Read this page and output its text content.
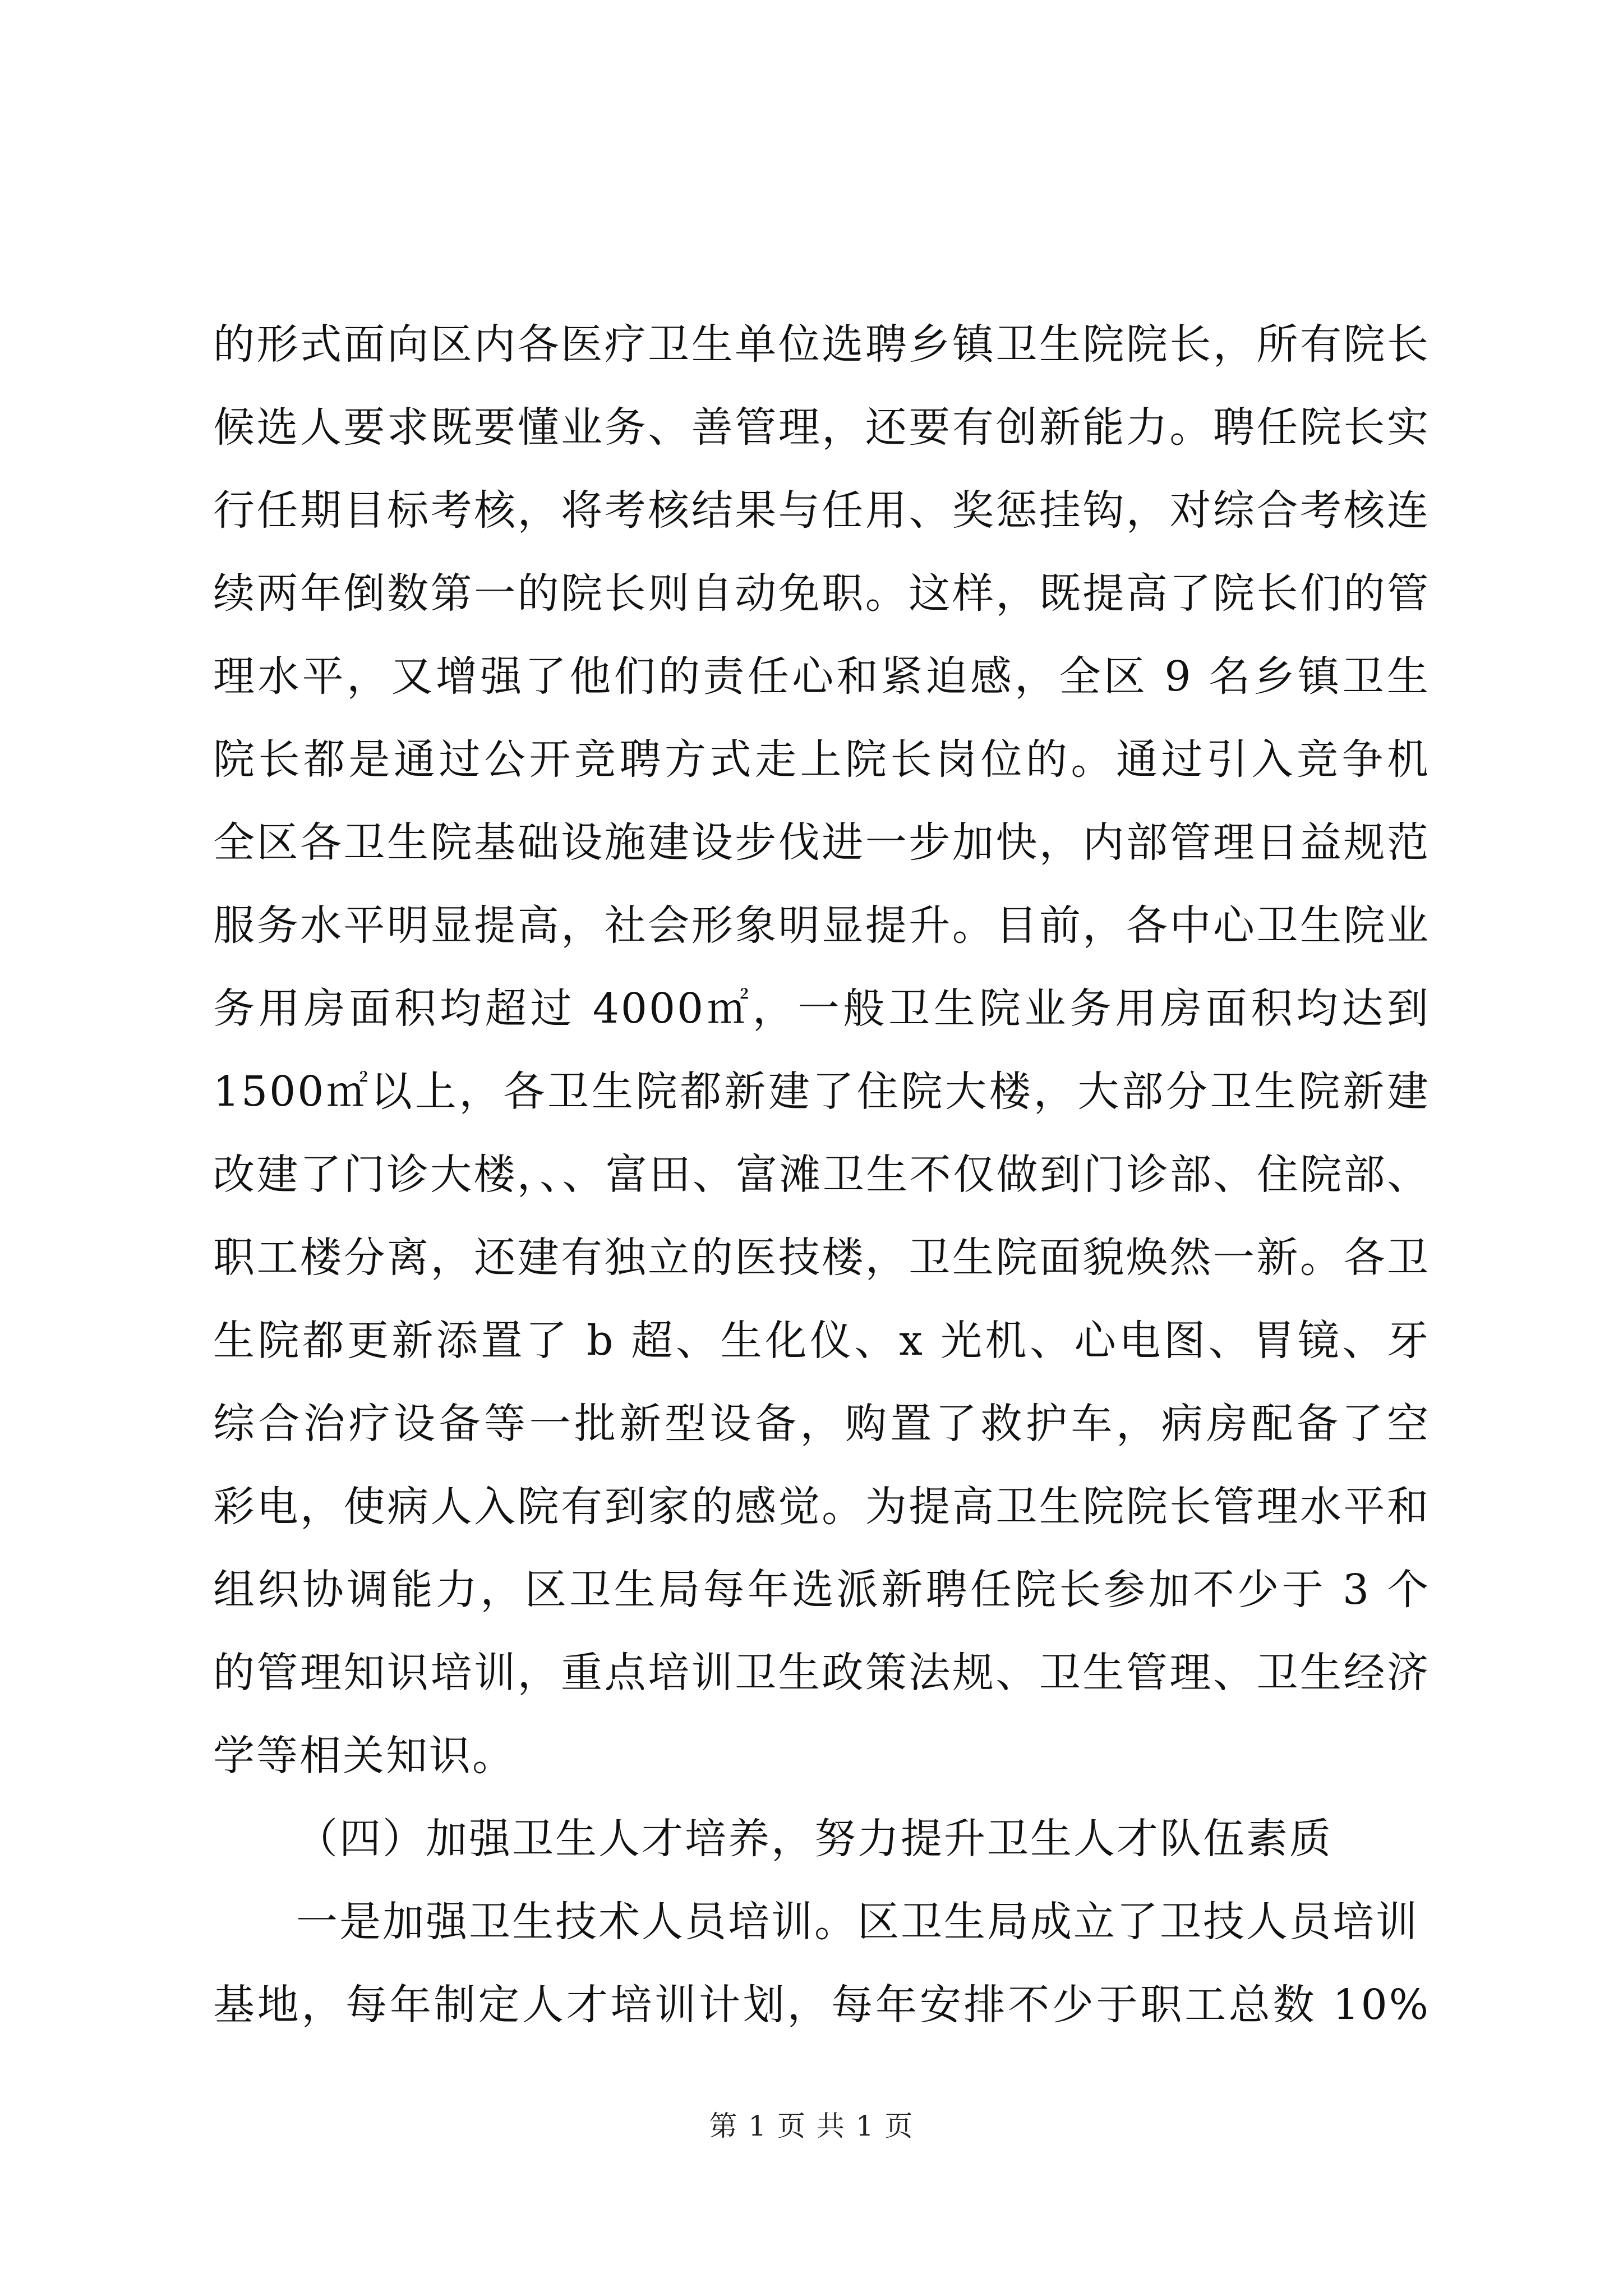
的形式面向区内各医疗卫生单位选聘乡镇卫生院院长，所有院长
候选人要求既要懂业务、善管理，还要有创新能力。聘任院长实
行任期目标考核，将考核结果与任用、奖惩挂钩，对综合考核连
续两年倒数第一的院长则自动免职。这样，既提高了院长们的管
理水平，又增强了他们的责任心和紧迫感，全区 9 名乡镇卫生
院长都是通过公开竞聘方式走上院长岗位的。通过引入竞争机
全区各卫生院基础设施建设步伐进一步加快，内部管理日益规范
服务水平明显提高，社会形象明显提升。目前，各中心卫生院业
务用房面积均超过 4000㎡，一般卫生院业务用房面积均达到
1500㎡以上，各卫生院都新建了住院大楼，大部分卫生院新建
改建了门诊大楼，、、富田、富滩卫生不仅做到门诊部、住院部、
职工楼分离，还建有独立的医技楼，卫生院面貌焕然一新。各卫
生院都更新添置了 b 超、生化仪、x 光机、心电图、胃镜、牙
综合治疗设备等一批新型设备，购置了救护车，病房配备了空
彩电，使病人入院有到家的感觉。为提高卫生院院长管理水平和
组织协调能力，区卫生局每年选派新聘任院长参加不少于 3 个
的管理知识培训，重点培训卫生政策法规、卫生管理、卫生经济
学等相关知识。
（四）加强卫生人才培养，努力提升卫生人才队伍素质
一是加强卫生技术人员培训。区卫生局成立了卫技人员培训
基地，每年制定人才培训计划，每年安排不少于职工总数 10%
第 1 页 共 1 页
